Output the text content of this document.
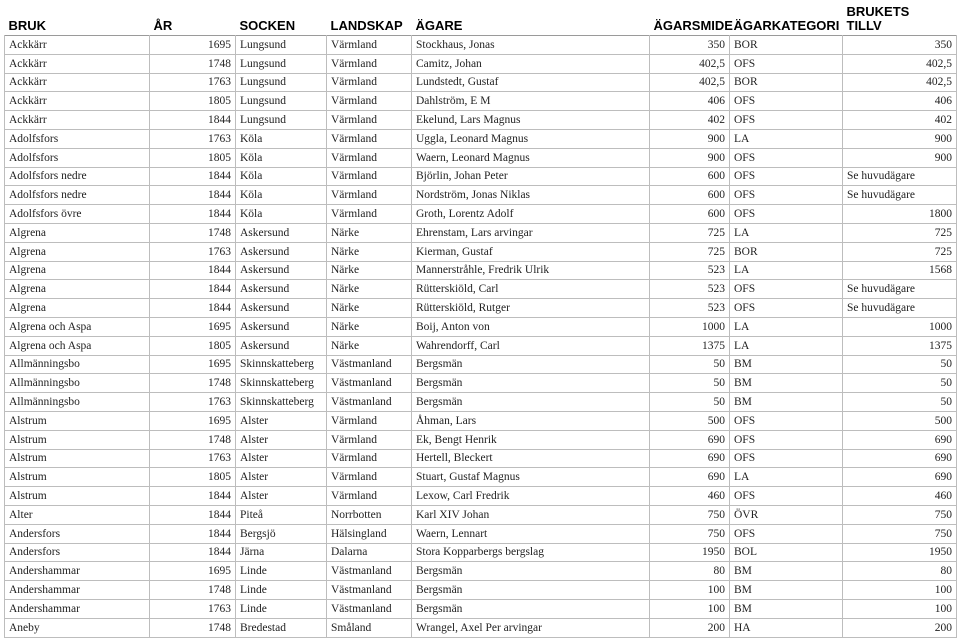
BRUK	ÅR	SOCKEN	LANDSKAP	ÄGARE	ÄGARSMIDE	ÄGARKATEGORI	BRUKETS
TILLV
Ackkärr	1695	Lungsund	Värmland	Stockhaus, Jonas	350	BOR	350
Ackkärr	1748	Lungsund	Värmland	Camitz, Johan	402,5	OFS	402,5
Ackkärr	1763	Lungsund	Värmland	Lundstedt, Gustaf	402,5	BOR	402,5
Ackkärr	1805	Lungsund	Värmland	Dahlström, E M	406	OFS	406
Ackkärr	1844	Lungsund	Värmland	Ekelund, Lars Magnus	402	OFS	402
Adolfsfors	1763	Köla	Värmland	Uggla, Leonard Magnus	900	LA	900
Adolfsfors	1805	Köla	Värmland	Waern, Leonard Magnus	900	OFS	900
Adolfsfors nedre	1844	Köla	Värmland	Björlin, Johan Peter	600	OFS	Se huvudägare
Adolfsfors nedre	1844	Köla	Värmland	Nordström, Jonas Niklas	600	OFS	Se huvudägare
Adolfsfors övre	1844	Köla	Värmland	Groth, Lorentz Adolf	600	OFS	1800
Algrena	1748	Askersund	Närke	Ehrenstam, Lars arvingar	725	LA	725
Algrena	1763	Askersund	Närke	Kierman, Gustaf	725	BOR	725
Algrena	1844	Askersund	Närke	Mannerstråhle, Fredrik Ulrik	523	LA	1568
Algrena	1844	Askersund	Närke	Rütterskiöld, Carl	523	OFS	Se huvudägare
Algrena	1844	Askersund	Närke	Rütterskiöld, Rutger	523	OFS	Se huvudägare
Algrena och Aspa	1695	Askersund	Närke	Boij, Anton von	1000	LA	1000
Algrena och Aspa	1805	Askersund	Närke	Wahrendorff, Carl	1375	LA	1375
Allmänningsbo	1695	Skinnskatteberg	Västmanland	Bergsmän	50	BM	50
Allmänningsbo	1748	Skinnskatteberg	Västmanland	Bergsmän	50	BM	50
Allmänningsbo	1763	Skinnskatteberg	Västmanland	Bergsmän	50	BM	50
Alstrum	1695	Alster	Värmland	Åhman, Lars	500	OFS	500
Alstrum	1748	Alster	Värmland	Ek, Bengt Henrik	690	OFS	690
Alstrum	1763	Alster	Värmland	Hertell, Bleckert	690	OFS	690
Alstrum	1805	Alster	Värmland	Stuart, Gustaf Magnus	690	LA	690
Alstrum	1844	Alster	Värmland	Lexow, Carl Fredrik	460	OFS	460
Alter	1844	Piteå	Norrbotten	Karl XIV Johan	750	ÖVR	750
Andersfors	1844	Bergsjö	Hälsingland	Waern, Lennart	750	OFS	750
Andersfors	1844	Järna	Dalarna	Stora Kopparbergs bergslag	1950	BOL	1950
Andershammar	1695	Linde	Västmanland	Bergsmän	80	BM	80
Andershammar	1748	Linde	Västmanland	Bergsmän	100	BM	100
Andershammar	1763	Linde	Västmanland	Bergsmän	100	BM	100
Aneby	1748	Bredestad	Småland	Wrangel, Axel Per arvingar	200	HA	200
